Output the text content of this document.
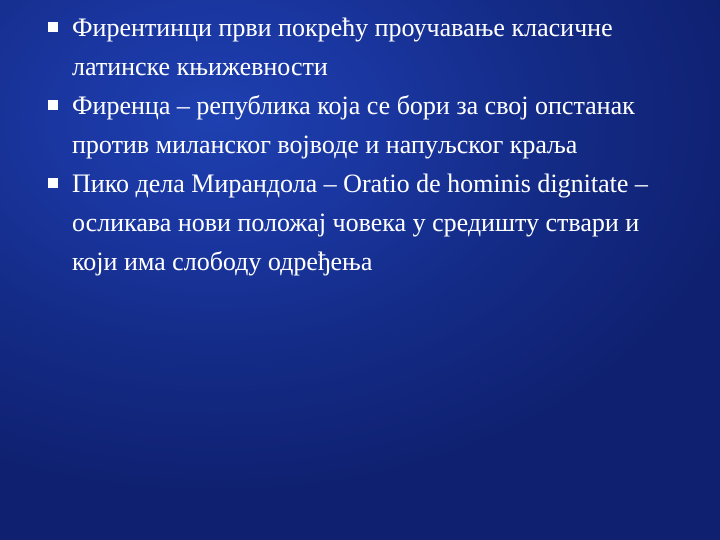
Фирентинци први покрећу проучавање класичне латинске књижевности
Фиренца – република која се бори за свој опстанак против миланског војводе и напуљског краља
Пико дела Мирандола – Oratio de hominis dignitate – осликава нови положај човека у средишту ствари и који има слободу одређења
